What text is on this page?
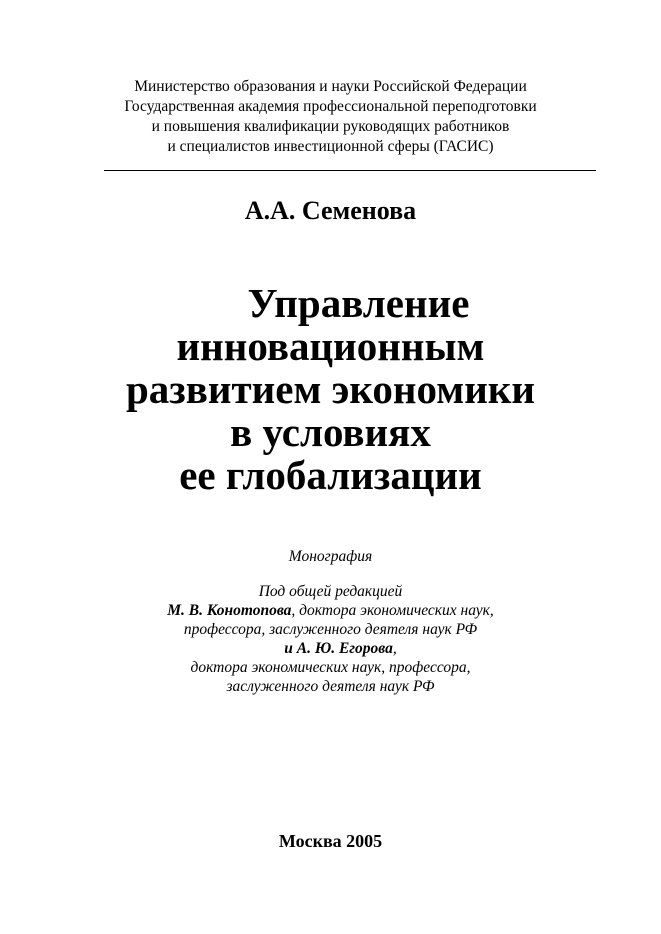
Министерство образования и науки Российской Федерации
Государственная академия профессиональной переподготовки
и повышения квалификации руководящих работников
и специалистов инвестиционной сферы (ГАСИС)
А.А. Семенова
Управление
инновационным
развитием экономики
в условиях
ее глобализации
Монография
Под общей редакцией
М. В. Конотопова, доктора экономических наук,
профессора, заслуженного деятеля наук РФ
и А. Ю. Егорова,
доктора экономических наук, профессора,
заслуженного деятеля наук РФ
Москва 2005
